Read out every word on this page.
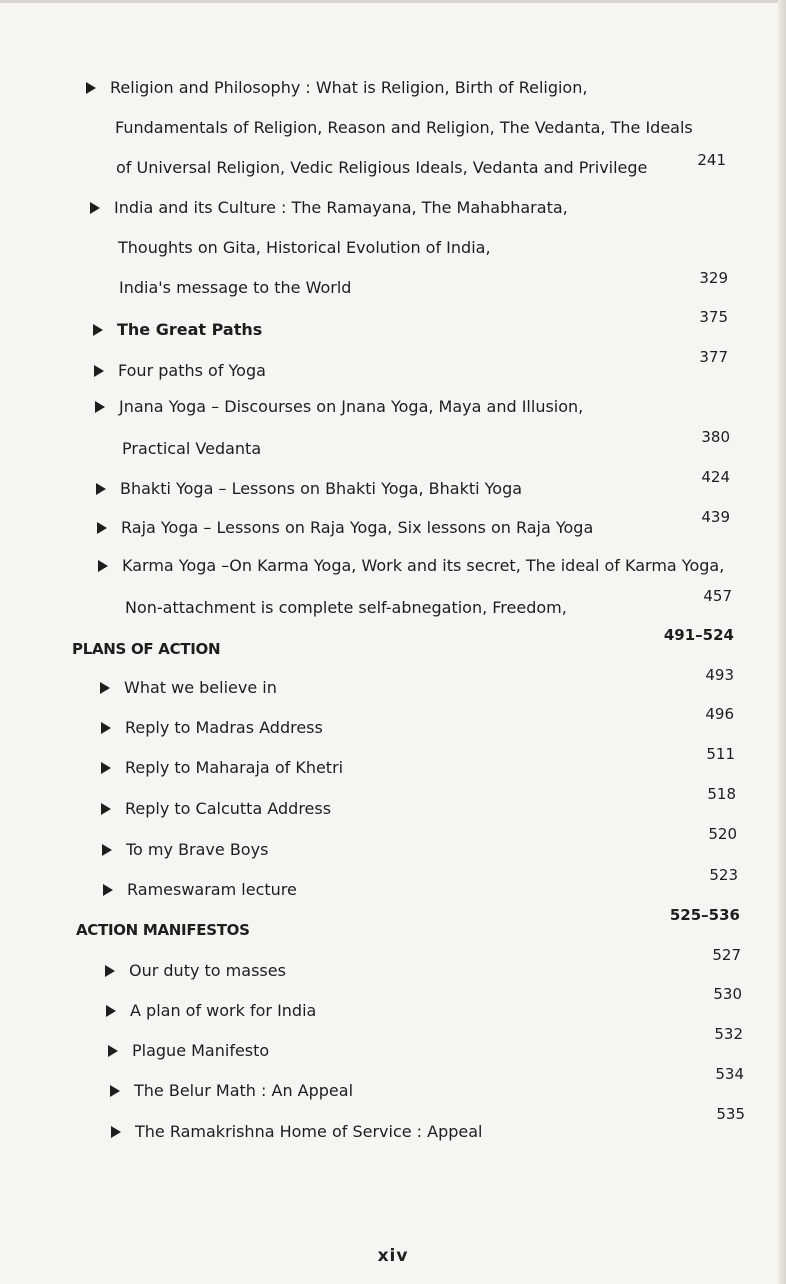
Religion and Philosophy : What is Religion, Birth of Religion,
Fundamentals of Religion, Reason and Religion, The Vedanta, The Ideals
of Universal Religion, Vedic Religious Ideals, Vedanta and Privilege	241
India and its Culture : The Ramayana, The Mahabharata,
Thoughts on Gita, Historical Evolution of India,
India's message to the World	329
The Great Paths
375
Four paths of Yoga
377
Jnana Yoga – Discourses on Jnana Yoga, Maya and Illusion,
Practical Vedanta
380
Bhakti Yoga – Lessons on Bhakti Yoga, Bhakti Yoga
424
Raja Yoga – Lessons on Raja Yoga, Six lessons on Raja Yoga
439
Karma Yoga –On Karma Yoga, Work and its secret, The ideal of Karma Yoga,
Non-attachment is complete self-abnegation, Freedom,
457
PLANS OF ACTION
491–524
What we believe in
493
Reply to Madras Address
496
Reply to Maharaja of Khetri
511
Reply to Calcutta Address
518
To my Brave Boys
520
Rameswaram lecture
523
ACTION MANIFESTOS
525–536
Our duty to masses
527
A plan of work for India
530
Plague Manifesto
532
The Belur Math : An Appeal
534
The Ramakrishna Home of Service : Appeal
535
xiv
